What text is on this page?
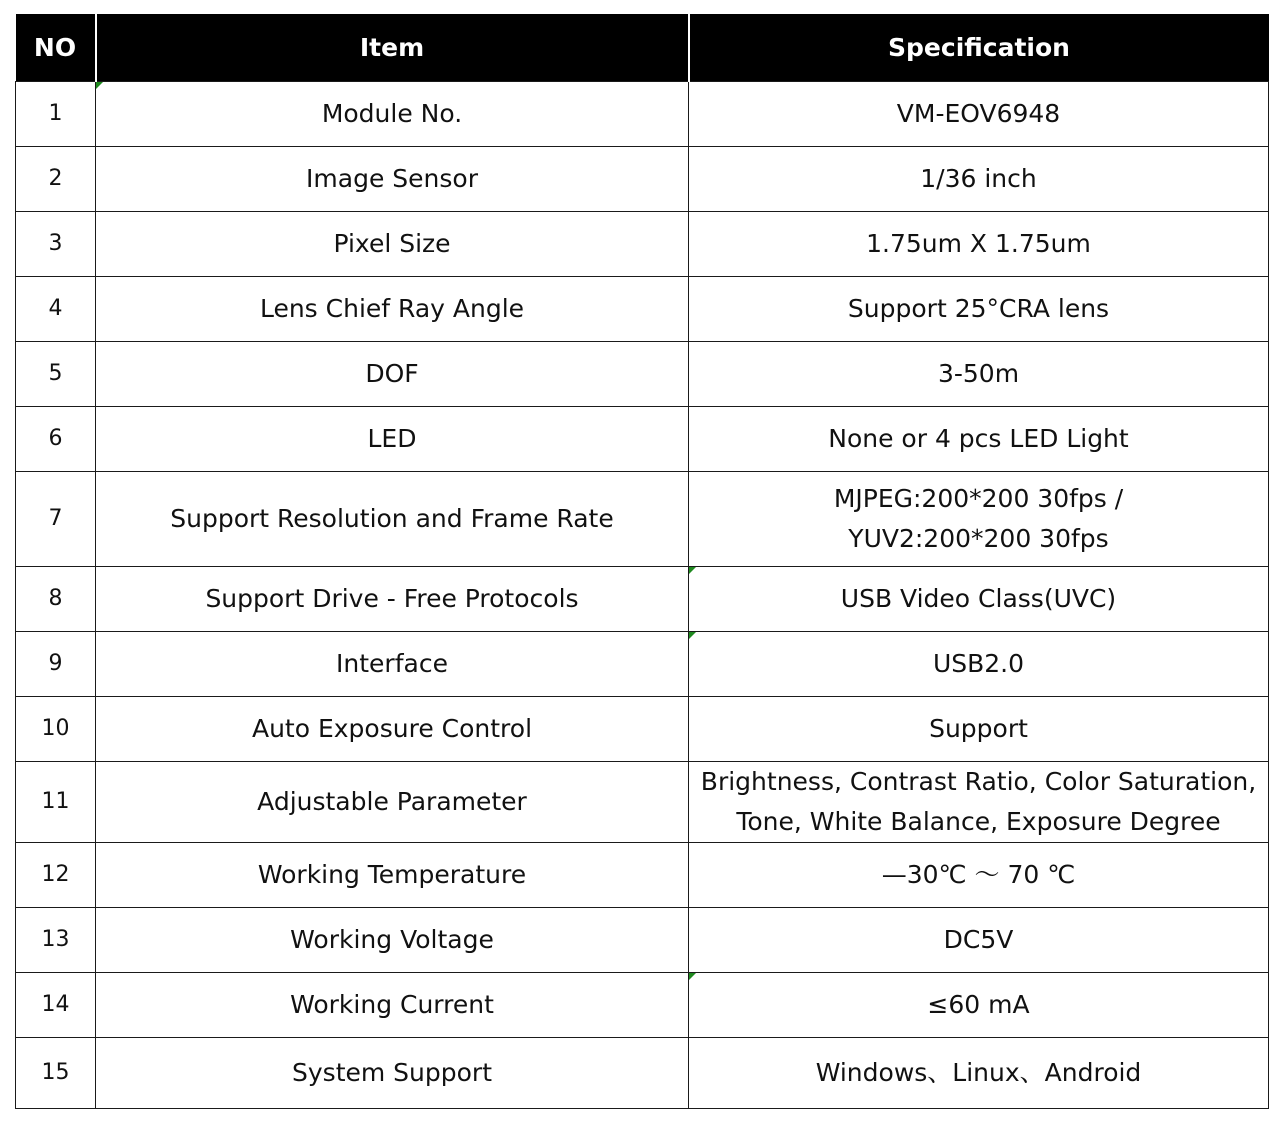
NO	Item	Specification
1	Module No.	VM-EOV6948
2	Image Sensor	1/36 inch
3	Pixel Size	1.75um X 1.75um
4	Lens Chief Ray Angle	Support 25°CRA lens
5	DOF	3-50m
6	LED	None or 4 pcs LED Light
7	Support Resolution and Frame Rate	MJPEG:200*200 30fps /
YUV2:200*200 30fps
8	Support Drive - Free Protocols	USB Video Class(UVC)
9	Interface	USB2.0
10	Auto Exposure Control	Support
11	Adjustable Parameter	Brightness, Contrast Ratio, Color Saturation,
Tone, White Balance, Exposure Degree
12	Working Temperature	—30℃ ～ 70 ℃
13	Working Voltage	DC5V
14	Working Current	≤60 mA
15	System Support	Windows、Linux、Android
